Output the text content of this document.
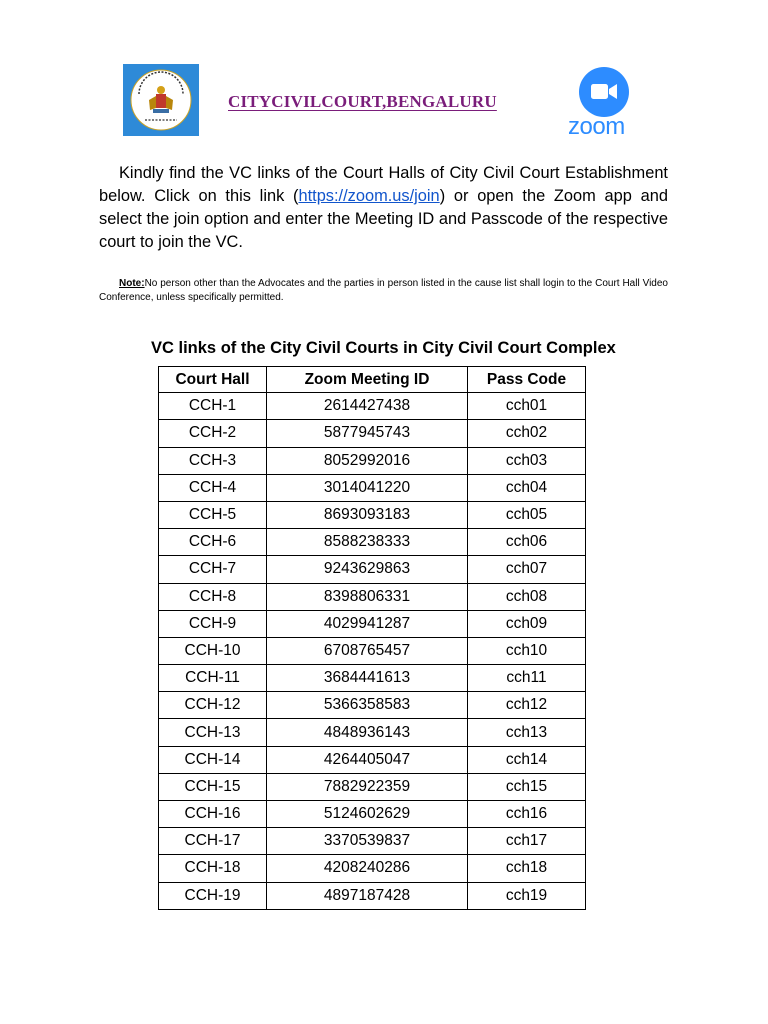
CITYCIVILCOURT,BENGALURU
zoom
Kindly find the VC links of the Court Halls of City Civil Court Establishment below. Click on this link (https://zoom.us/join) or open the Zoom app and select the join option and enter the Meeting ID and Passcode of the respective court to join the VC.
Note:No person other than the Advocates and the parties in person listed in the cause list shall login to the Court Hall Video Conference, unless specifically permitted.
VC links of the City Civil Courts in City Civil Court Complex
Court Hall	Zoom Meeting ID	Pass Code
CCH-1	2614427438	cch01
CCH-2	5877945743	cch02
CCH-3	8052992016	cch03
CCH-4	3014041220	cch04
CCH-5	8693093183	cch05
CCH-6	8588238333	cch06
CCH-7	9243629863	cch07
CCH-8	8398806331	cch08
CCH-9	4029941287	cch09
CCH-10	6708765457	cch10
CCH-11	3684441613	cch11
CCH-12	5366358583	cch12
CCH-13	4848936143	cch13
CCH-14	4264405047	cch14
CCH-15	7882922359	cch15
CCH-16	5124602629	cch16
CCH-17	3370539837	cch17
CCH-18	4208240286	cch18
CCH-19	4897187428	cch19
